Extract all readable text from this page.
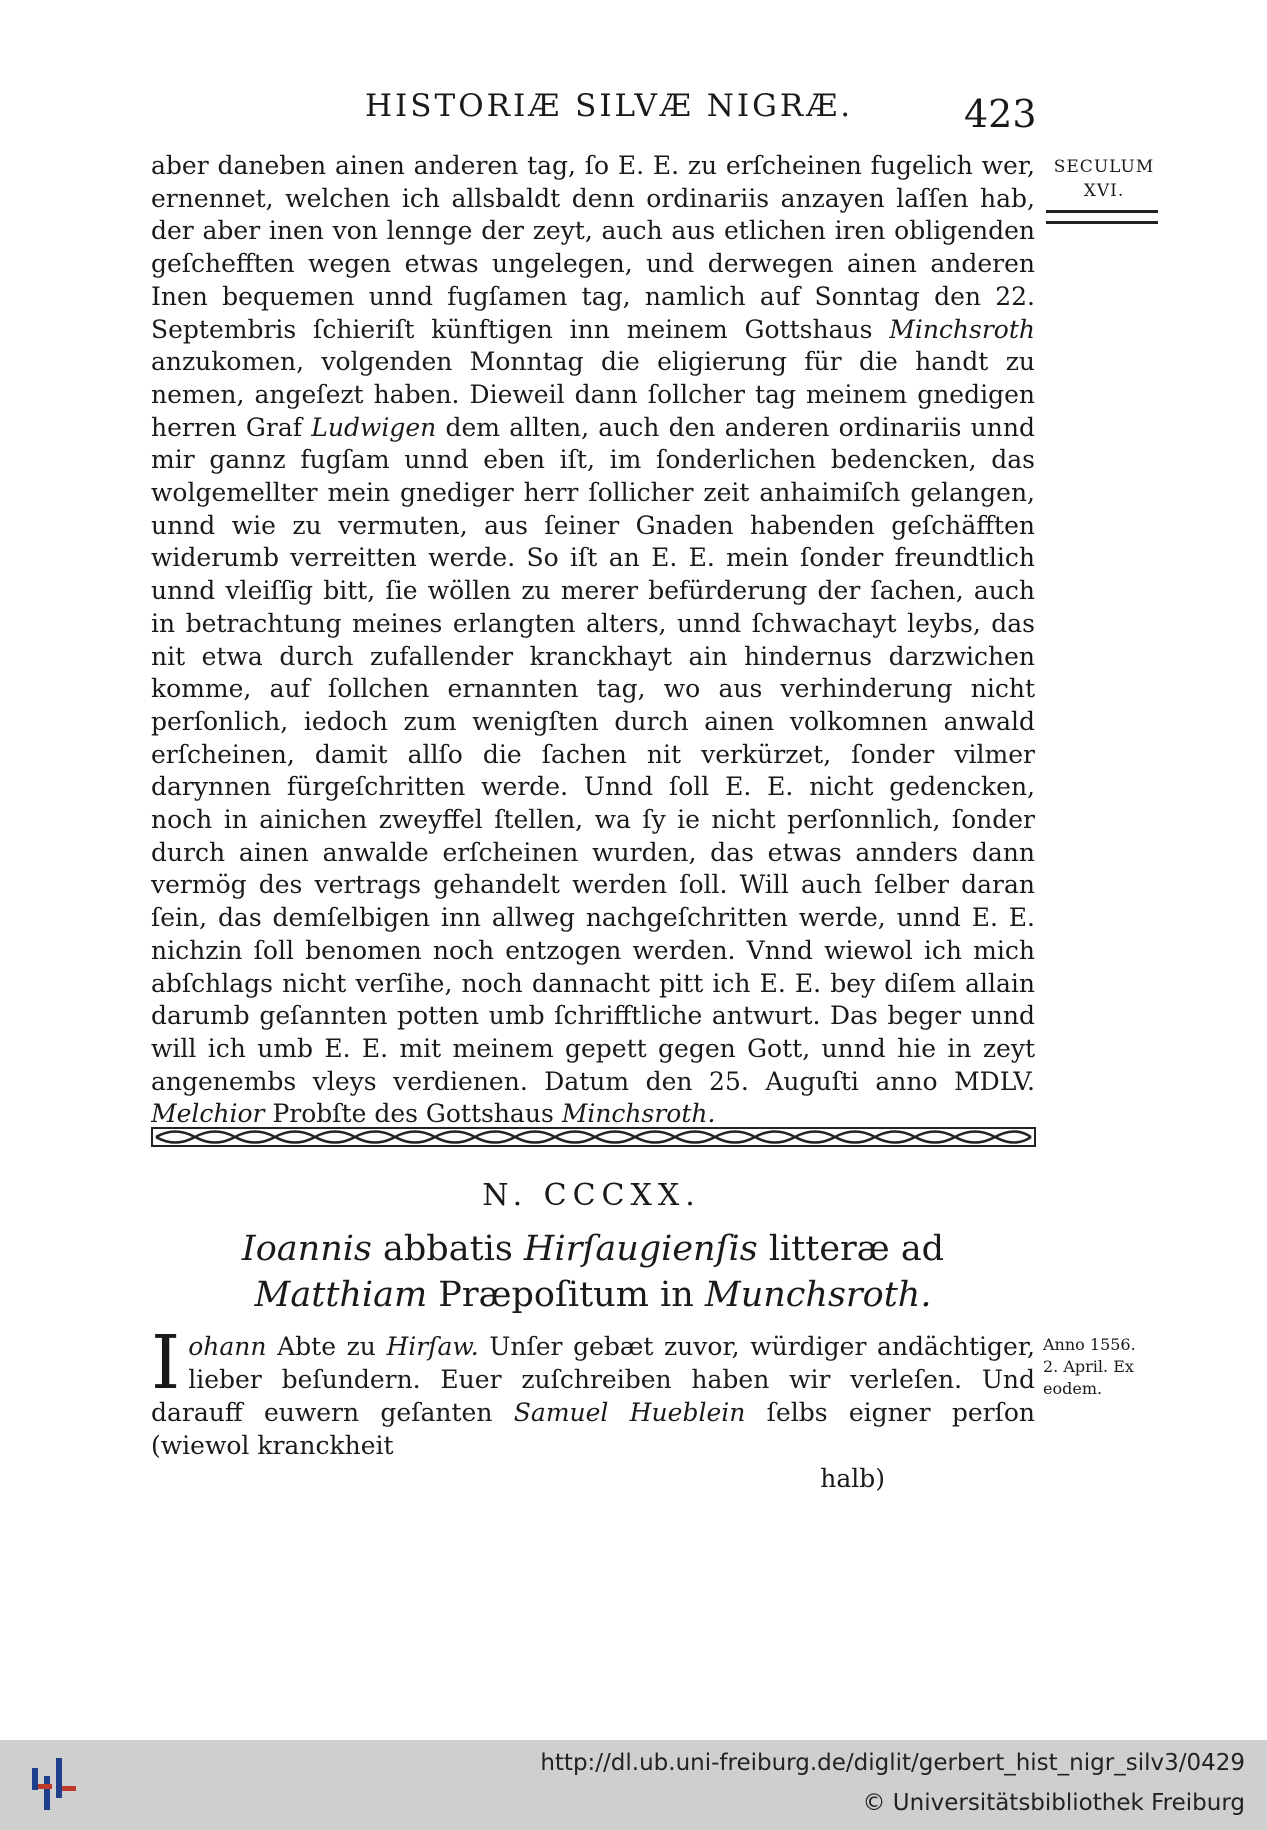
HISTORIÆ SILVÆ NIGRÆ.	423
SECULUM
XVI.

aber daneben ainen anderen tag, ſo E. E. zu erſcheinen fugelich wer, ernennet, welchen ich allsbaldt denn ordinariis anzayen laſſen hab, der aber inen von lennge der zeyt, auch aus etlichen iren obligenden geſchefften wegen etwas ungelegen, und derwegen ainen anderen Inen bequemen unnd fugſamen tag, namlich auf Sonntag den 22. Septembris ſchieriſt künftigen inn meinem Gottshaus Minchsroth anzukomen, volgenden Monntag die eligierung für die handt zu nemen, angeſezt haben. Dieweil dann ſollcher tag meinem gnedigen herren Graf Ludwigen dem allten, auch den anderen ordinariis unnd mir gannz fugſam unnd eben iſt, im ſonderlichen bedencken, das wolgemellter mein gnediger herr ſollicher zeit anhaimiſch gelangen, unnd wie zu vermuten, aus ſeiner Gnaden habenden geſchäfften widerumb verreitten werde. So iſt an E. E. mein ſonder freundtlich unnd vleiſſig bitt, ſie wöllen zu merer befürderung der ſachen, auch in betrachtung meines erlangten alters, unnd ſchwachayt leybs, das nit etwa durch zufallender kranckhayt ain hindernus darzwichen komme, auf ſollchen ernannten tag, wo aus verhinderung nicht perſonlich, iedoch zum wenigſten durch ainen volkomnen anwald erſcheinen, damit allſo die ſachen nit verkürzet, ſonder vilmer darynnen fürgeſchritten werde. Unnd ſoll E. E. nicht gedencken, noch in ainichen zweyffel ſtellen, wa ſy ie nicht perſonnlich, ſonder durch ainen anwalde erſcheinen wurden, das etwas annders dann vermög des vertrags gehandelt werden ſoll. Will auch ſelber daran ſein, das demſelbigen inn allweg nachgeſchritten werde, unnd E. E. nichzin ſoll benomen noch entzogen werden. Vnnd wiewol ich mich abſchlags nicht verſihe, noch dannacht pitt ich E. E. bey diſem allain darumb geſannten potten umb ſchrifftliche antwurt. Das beger unnd will ich umb E. E. mit meinem gepett gegen Gott, unnd hie in zeyt angenembs vleys verdienen. Datum den 25. Auguſti anno MDLV. Melchior Probſte des Gottshaus Minchsroth.

N. CCCXX.
Ioannis abbatis Hirſaugienſis litteræ ad Matthiam Præpoſitum in Munchsroth.
Anno 1556.
2. April. Ex
eodem.
Iohann Abte zu Hirſaw. Unſer gebæt zuvor, würdiger andächtiger, lieber beſundern. Euer zuſchreiben haben wir verleſen. Und darauff euwern geſanten Samuel Hueblein ſelbs eigner perſon (wiewol kranckheit
halb)
http://dl.ub.uni-freiburg.de/diglit/gerbert_hist_nigr_silv3/0429
© Universitätsbibliothek Freiburg
